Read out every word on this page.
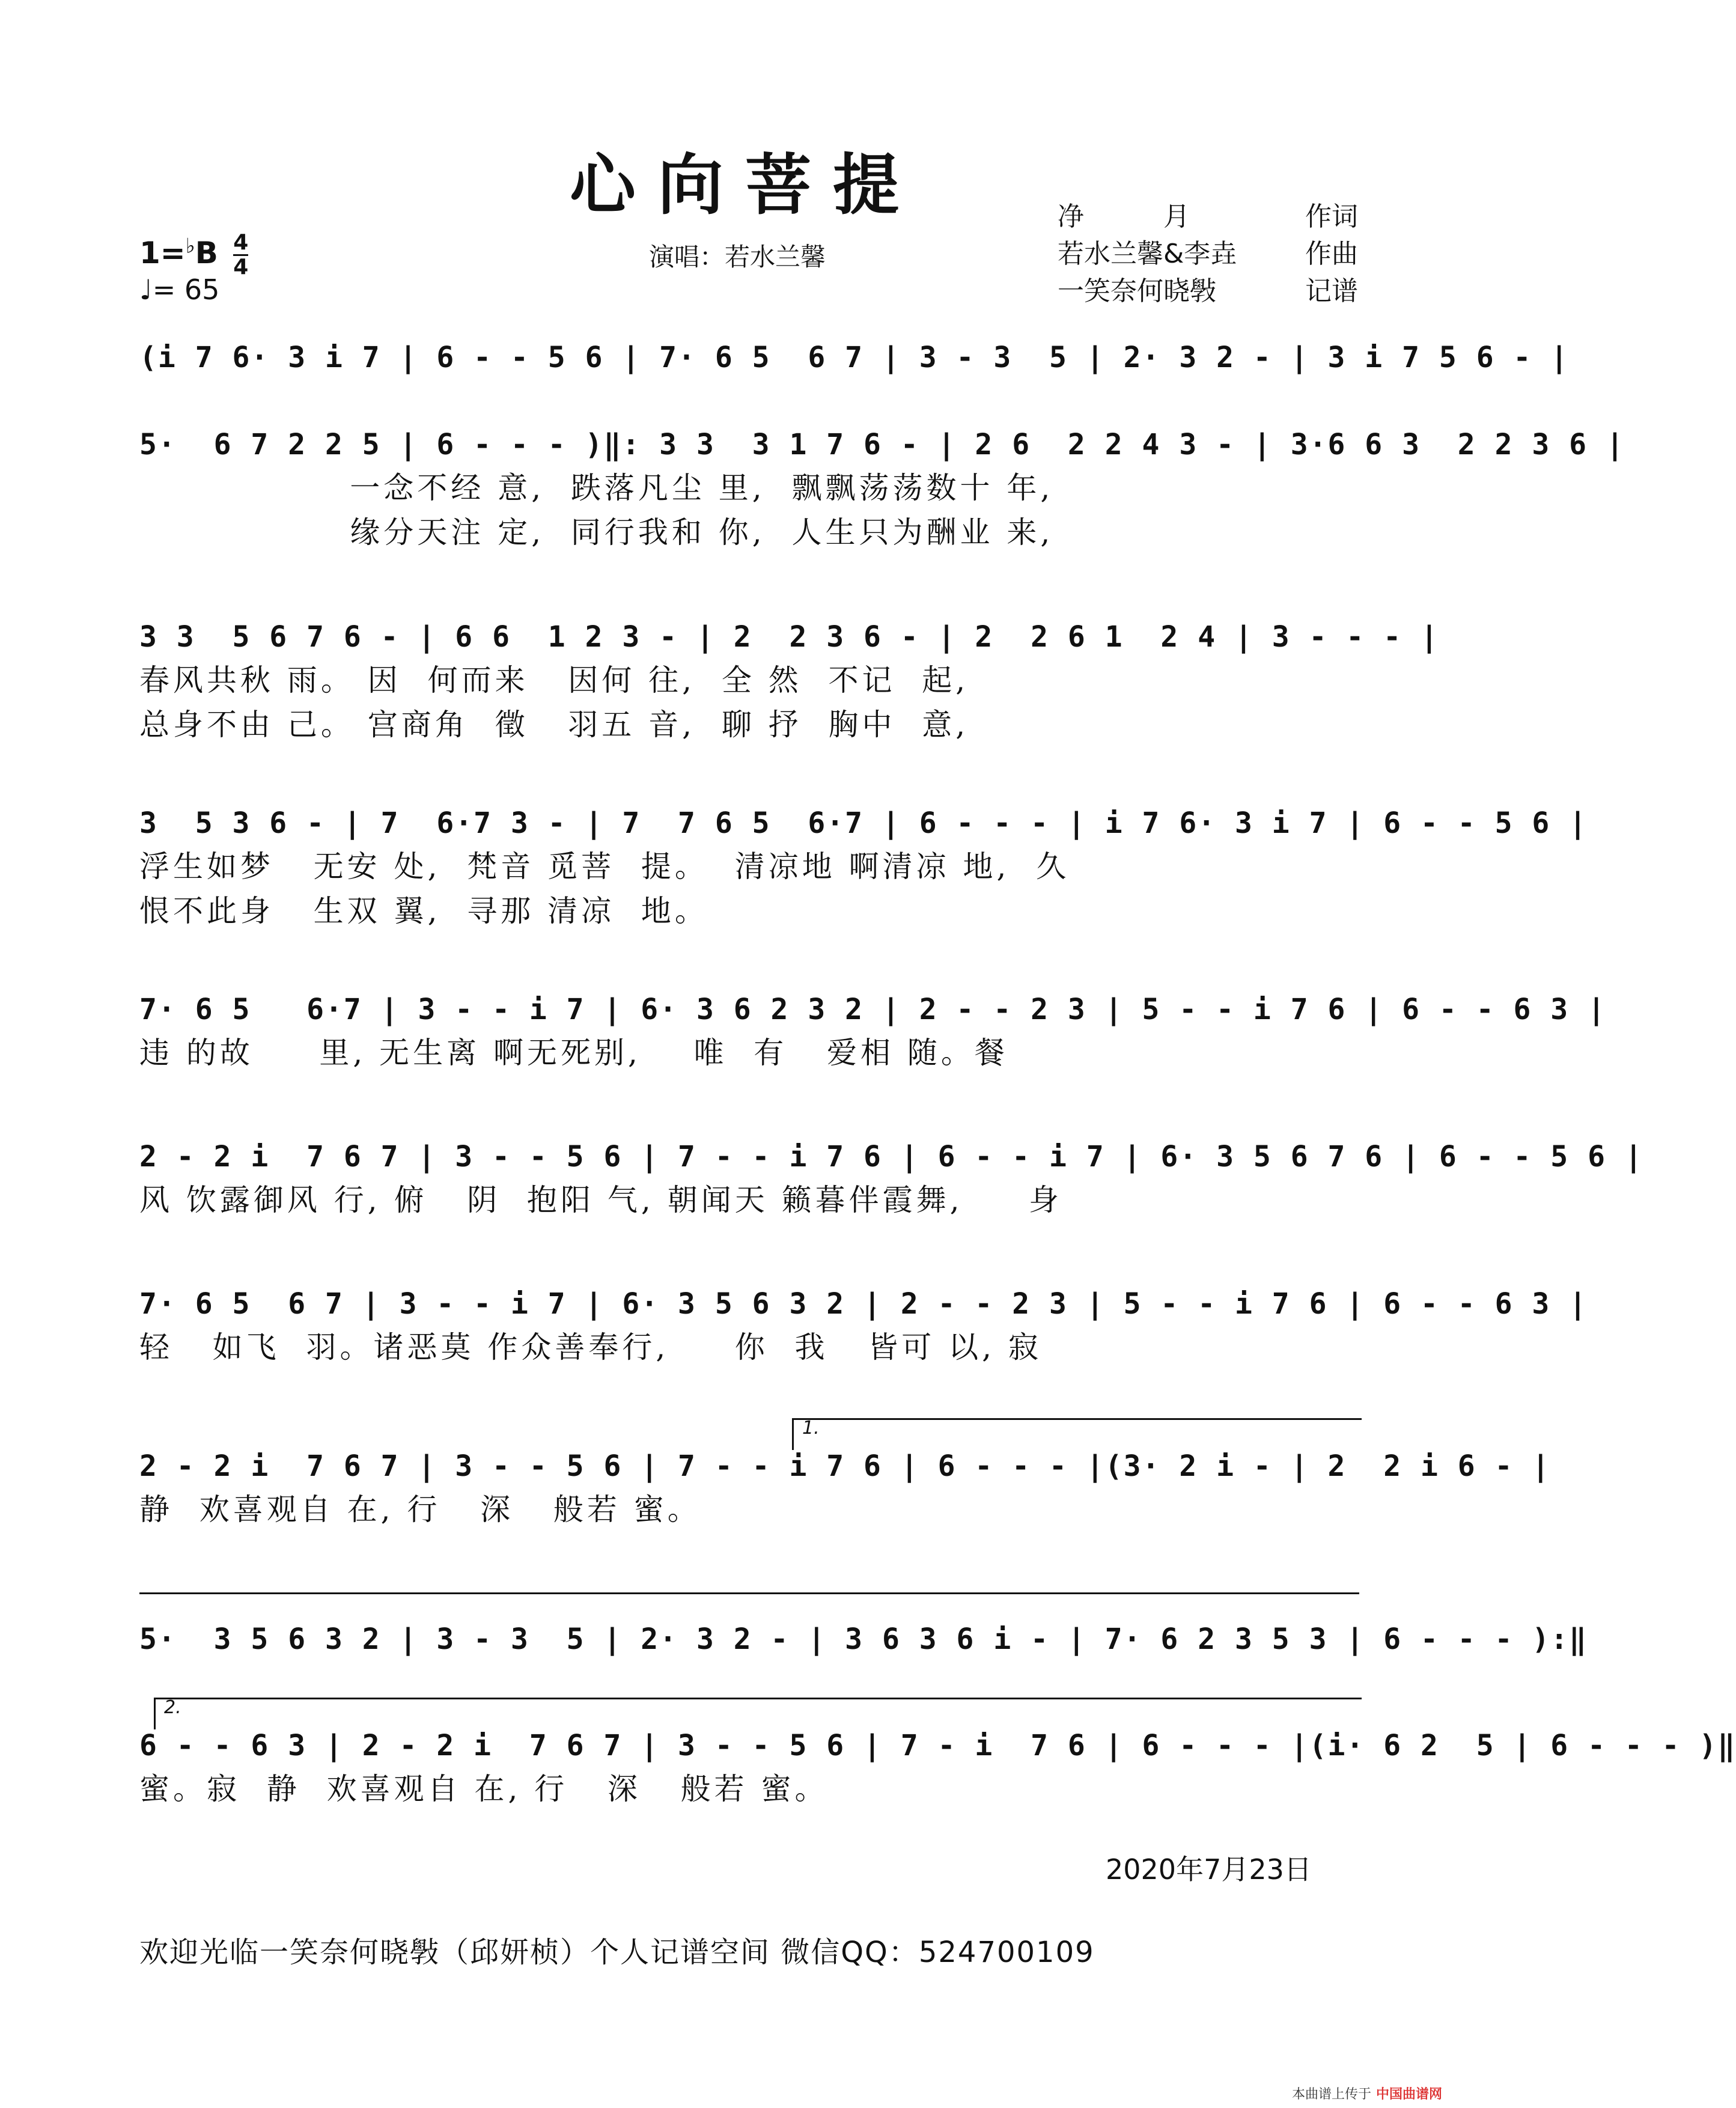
心向菩提
$1=^♭B \frac{4}{4}$
♩= 65
演唱：若水兰馨
净　　　月	作词
若水兰馨&李垚	作曲
一笑奈何晓斅	记谱
(i 7 6· 3 i 7 | 6 - - 5 6 | 7· 6 5  6 7 | 3 - 3  5 | 2· 3 2 - | 3 i 7 5 6 - |
5·  6 7 2 2 5 | 6 - - - )‖: 3 3  3 1 7 6 - | 2 6  2 2 4 3 - | 3·6 6 3  2 2 3 6 |
一念不经 意,  跌落凡尘 里,  飘飘荡荡数十 年,
缘分天注 定,  同行我和 你,  人生只为酬业 来,
3 3  5 6 7 6 - | 6 6  1 2 3 - | 2  2 3 6 - | 2  2 6 1  2 4 | 3 - - - |
春风共秋 雨。 因  何而来   因何 往,  全 然  不记  起,
总身不由 己。 宫商角  徵   羽五 音,  聊 抒  胸中  意,
3  5 3 6 - | 7  6·7 3 - | 7  7 6 5  6·7 | 6 - - - | i 7 6· 3 i 7 | 6 - - 5 6 |
浮生如梦   无安 处,  梵音 觅菩  提。  清凉地 啊清凉 地,  久
恨不此身   生双 翼,  寻那 清凉  地。
7· 6 5   6·7 | 3 - - i 7 | 6· 3 6 2 3 2 | 2 - - 2 3 | 5 - - i 7 6 | 6 - - 6 3 |
违 的故     里, 无生离 啊无死别,    唯  有   爱相 随。餐
2 - 2 i  7 6 7 | 3 - - 5 6 | 7 - - i 7 6 | 6 - - i 7 | 6· 3 5 6 7 6 | 6 - - 5 6 |
风 饮露御风 行, 俯   阴  抱阳 气, 朝闻天 籁暮伴霞舞,     身
7· 6 5  6 7 | 3 - - i 7 | 6· 3 5 6 3 2 | 2 - - 2 3 | 5 - - i 7 6 | 6 - - 6 3 |
轻   如飞  羽。诸恶莫 作众善奉行,     你  我   皆可 以, 寂
1.
2 - 2 i  7 6 7 | 3 - - 5 6 | 7 - - i 7 6 | 6 - - - |(3· 2 i - | 2  2 i 6 - |
静  欢喜观自 在, 行   深   般若 蜜。
5·  3 5 6 3 2 | 3 - 3  5 | 2· 3 2 - | 3 6 3 6 i - | 7· 6 2 3 5 3 | 6 - - - ):‖
2.
6 - - 6 3 | 2 - 2 i  7 6 7 | 3 - - 5 6 | 7 - i  7 6 | 6 - - - |(i· 6 2  5 | 6 - - - )‖
蜜。寂  静  欢喜观自 在, 行   深   般若 蜜。
2020年7月23日
欢迎光临一笑奈何晓斅（邱妍桢）个人记谱空间 微信QQ：524700109
本曲谱上传于 中国曲谱网
